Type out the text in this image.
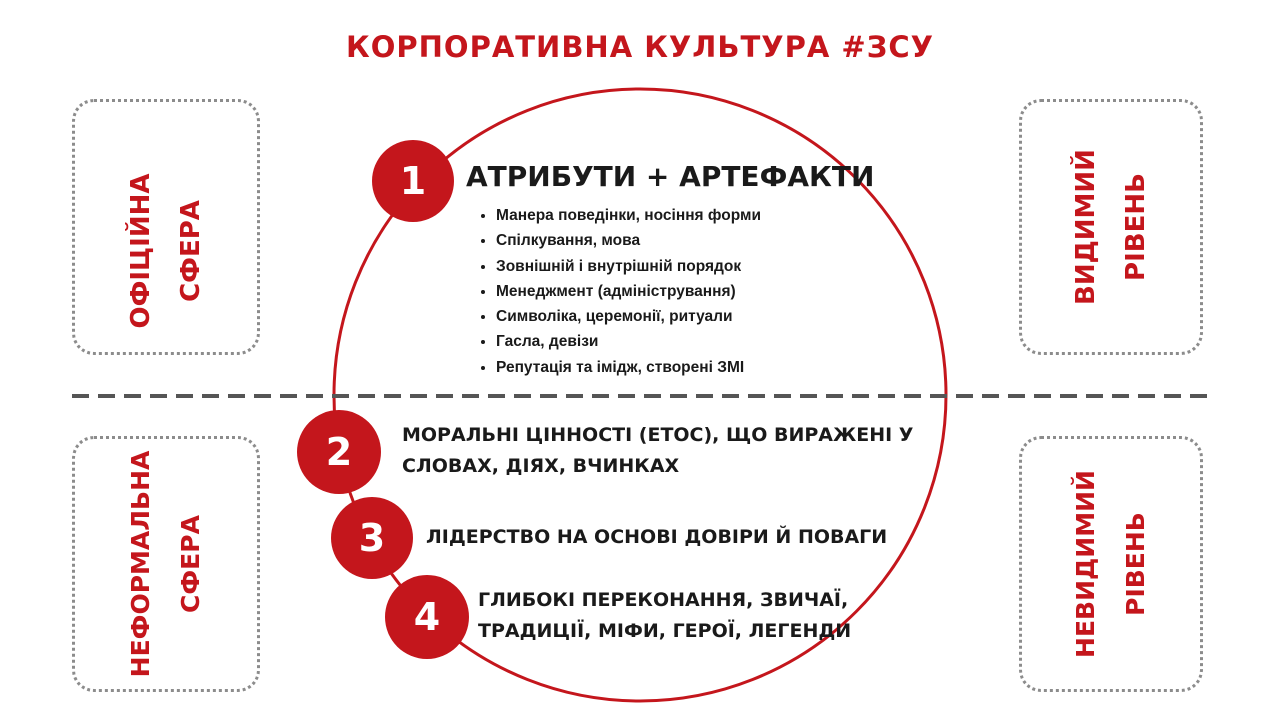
КОРПОРАТИВНА КУЛЬТУРА #ЗСУ
ОФІЦІЙНА СФЕРА
НЕФОРМАЛЬНА СФЕРА
ВИДИМИЙ РІВЕНЬ
НЕВИДИМИЙ РІВЕНЬ
1	АТРИБУТИ + АРТЕФАКТИ
• Манера поведінки, носіння форми
• Спілкування, мова
• Зовнішній і внутрішній порядок
• Менеджмент (адміністрування)
• Символіка, церемонії, ритуали
• Гасла, девізи
• Репутація та імідж, створені ЗМІ
2	МОРАЛЬНІ ЦІННОСТІ (ЕТОС), ЩО ВИРАЖЕНІ У
СЛОВАХ, ДІЯХ, ВЧИНКАХ
3	ЛІДЕРСТВО НА ОСНОВІ ДОВІРИ Й ПОВАГИ
4	ГЛИБОКІ ПЕРЕКОНАННЯ, ЗВИЧАЇ,
ТРАДИЦІЇ, МІФИ, ГЕРОЇ, ЛЕГЕНДИ
